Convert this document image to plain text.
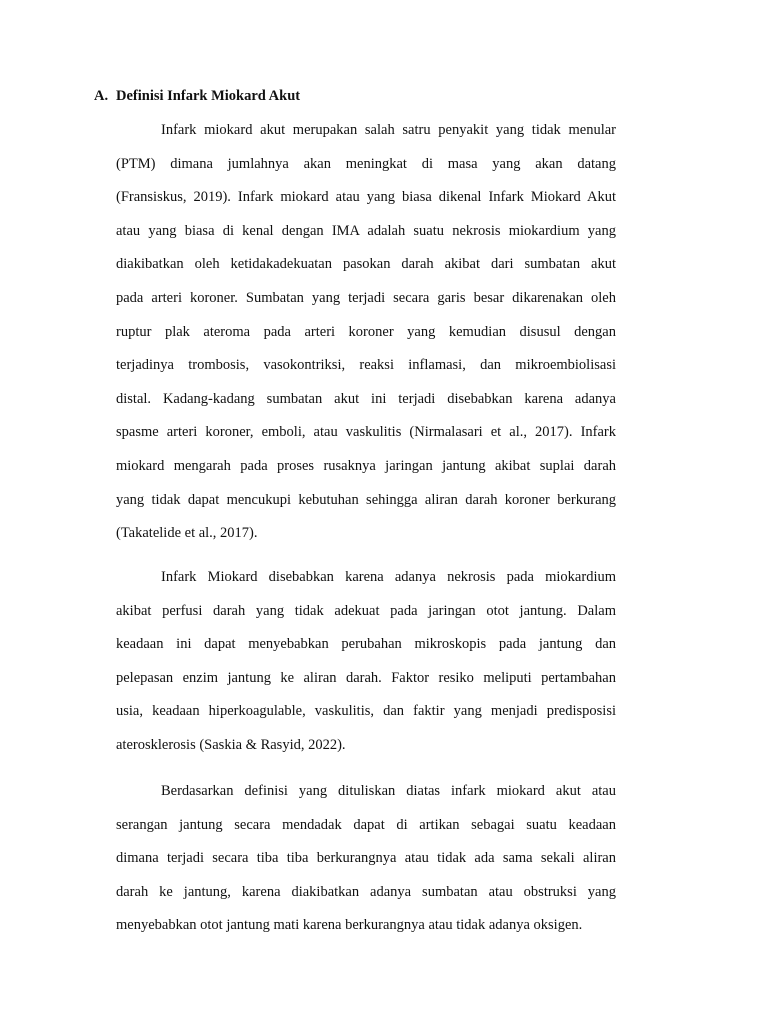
A. Definisi Infark Miokard Akut
Infark miokard akut merupakan salah satru penyakit yang tidak menular
(PTM) dimana jumlahnya akan meningkat di masa yang akan datang
(Fransiskus, 2019). Infark miokard atau yang biasa dikenal Infark Miokard Akut
atau yang biasa di kenal dengan IMA adalah suatu nekrosis miokardium yang
diakibatkan oleh ketidakadekuatan pasokan darah akibat dari sumbatan akut
pada arteri koroner. Sumbatan yang terjadi secara garis besar dikarenakan oleh
ruptur plak ateroma pada arteri koroner yang kemudian disusul dengan
terjadinya trombosis, vasokontriksi, reaksi inflamasi, dan mikroembiolisasi
distal. Kadang-kadang sumbatan akut ini terjadi disebabkan karena adanya
spasme arteri koroner, emboli, atau vaskulitis (Nirmalasari et al., 2017). Infark
miokard mengarah pada proses rusaknya jaringan jantung akibat suplai darah
yang tidak dapat mencukupi kebutuhan sehingga aliran darah koroner berkurang
(Takatelide et al., 2017).
Infark Miokard disebabkan karena adanya nekrosis pada miokardium
akibat perfusi darah yang tidak adekuat pada jaringan otot jantung. Dalam
keadaan ini dapat menyebabkan perubahan mikroskopis pada jantung dan
pelepasan enzim jantung ke aliran darah. Faktor resiko meliputi pertambahan
usia, keadaan hiperkoagulable, vaskulitis, dan faktir yang menjadi predisposisi
aterosklerosis (Saskia & Rasyid, 2022).
Berdasarkan definisi yang dituliskan diatas infark miokard akut atau
serangan jantung secara mendadak dapat di artikan sebagai suatu keadaan
dimana terjadi secara tiba tiba berkurangnya atau tidak ada sama sekali aliran
darah ke jantung, karena diakibatkan adanya sumbatan atau obstruksi yang
menyebabkan otot jantung mati karena berkurangnya atau tidak adanya oksigen.
